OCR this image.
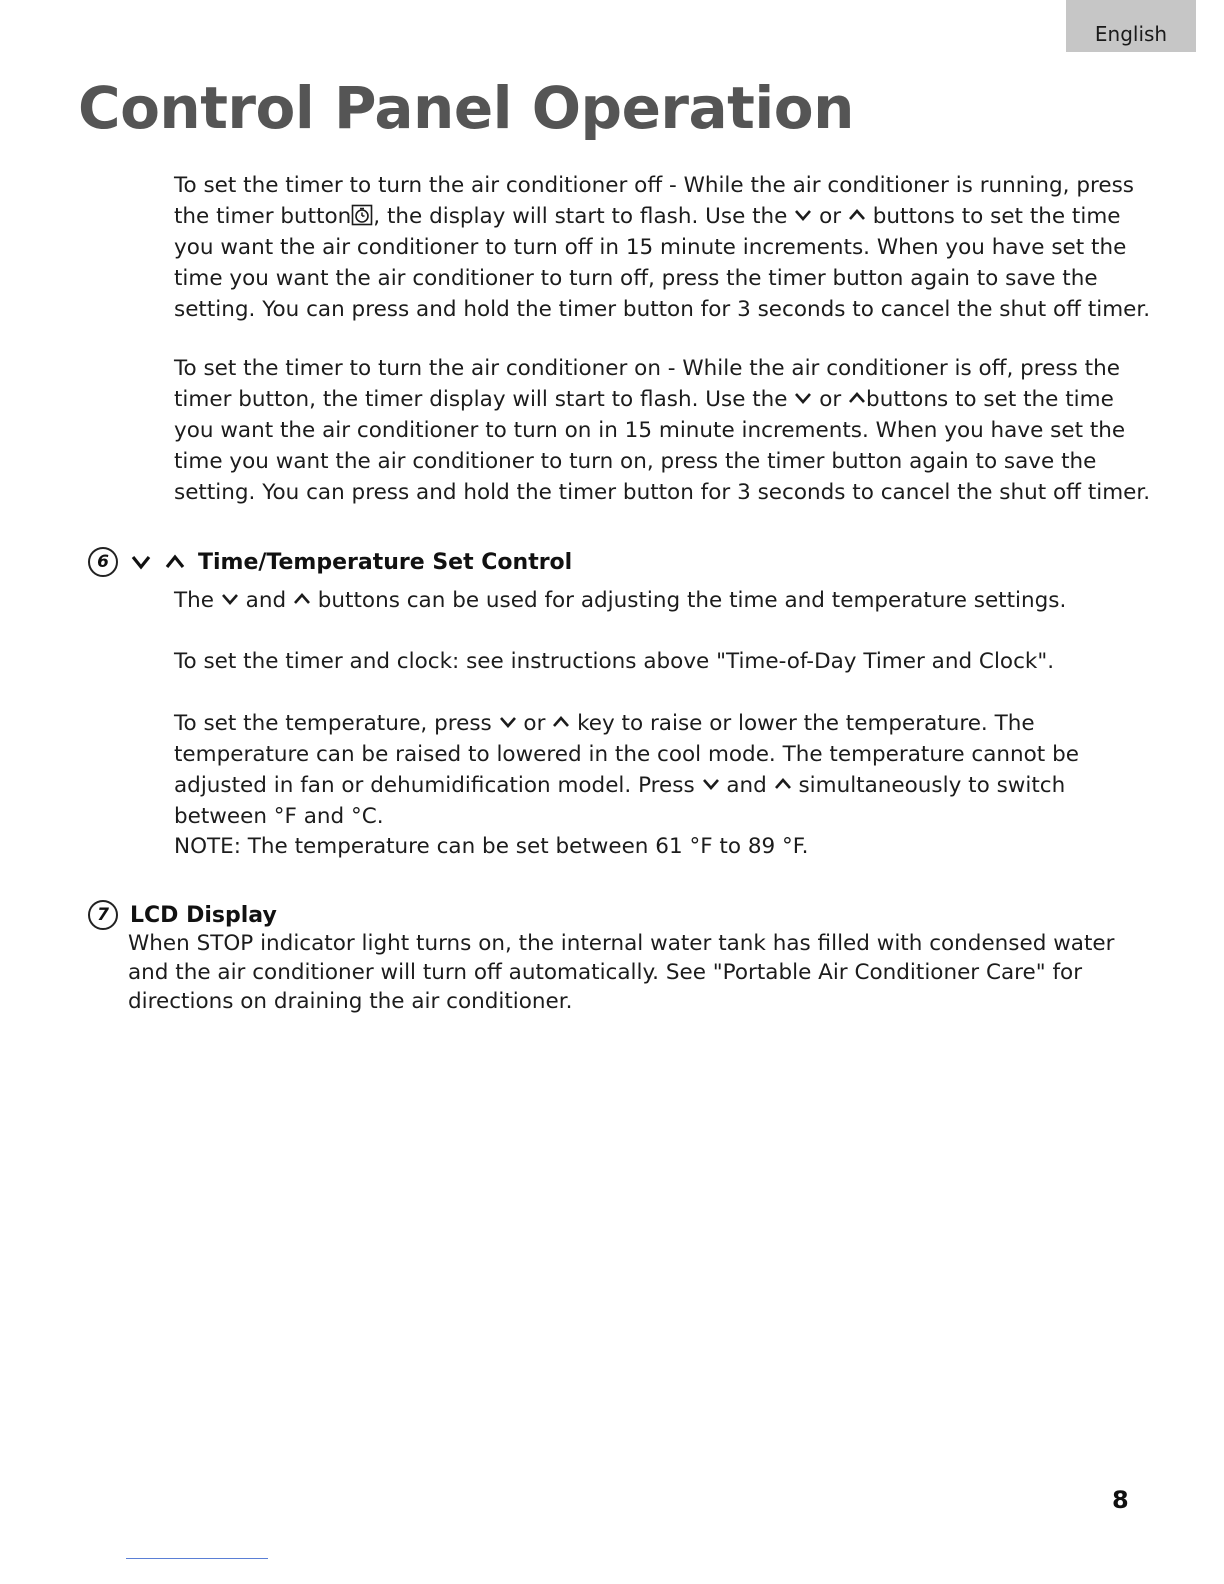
English
Control Panel Operation

To set the timer to turn the air conditioner off - While the air conditioner is running, press the timer button , the display will start to flash. Use the
or
buttons to set the time you want the air conditioner to turn off in 15 minute increments. When you have set the time you want the air conditioner to turn off, press the timer button again to save the setting. You can press and hold the timer button for 3 seconds to cancel the shut off timer.

To set the timer to turn the air conditioner on - While the air conditioner is off, press the timer button, the timer display will start to flash. Use the
or
buttons to set the time you want the air conditioner to turn on in 15 minute increments. When you have set the time you want the air conditioner to turn on, press the timer button again to save the setting. You can press and hold the timer button for 3 seconds to cancel the shut off timer.

6	Time/Temperature Set Control

The
and
buttons can be used for adjusting the time and temperature settings.

To set the timer and clock: see instructions above "Time-of-Day Timer and Clock".

To set the temperature, press
or
key to raise or lower the temperature. The temperature can be raised to lowered in the cool mode. The temperature cannot be adjusted in fan or dehumidification model. Press
and
simultaneously to switch between °F and °C.

NOTE: The temperature can be set between 61 °F to 89 °F.

7 LCD Display

When STOP indicator light turns on, the internal water tank has filled with condensed water and the air conditioner will turn off automatically. See "Portable Air Conditioner Care" for directions on draining the air conditioner.

8
